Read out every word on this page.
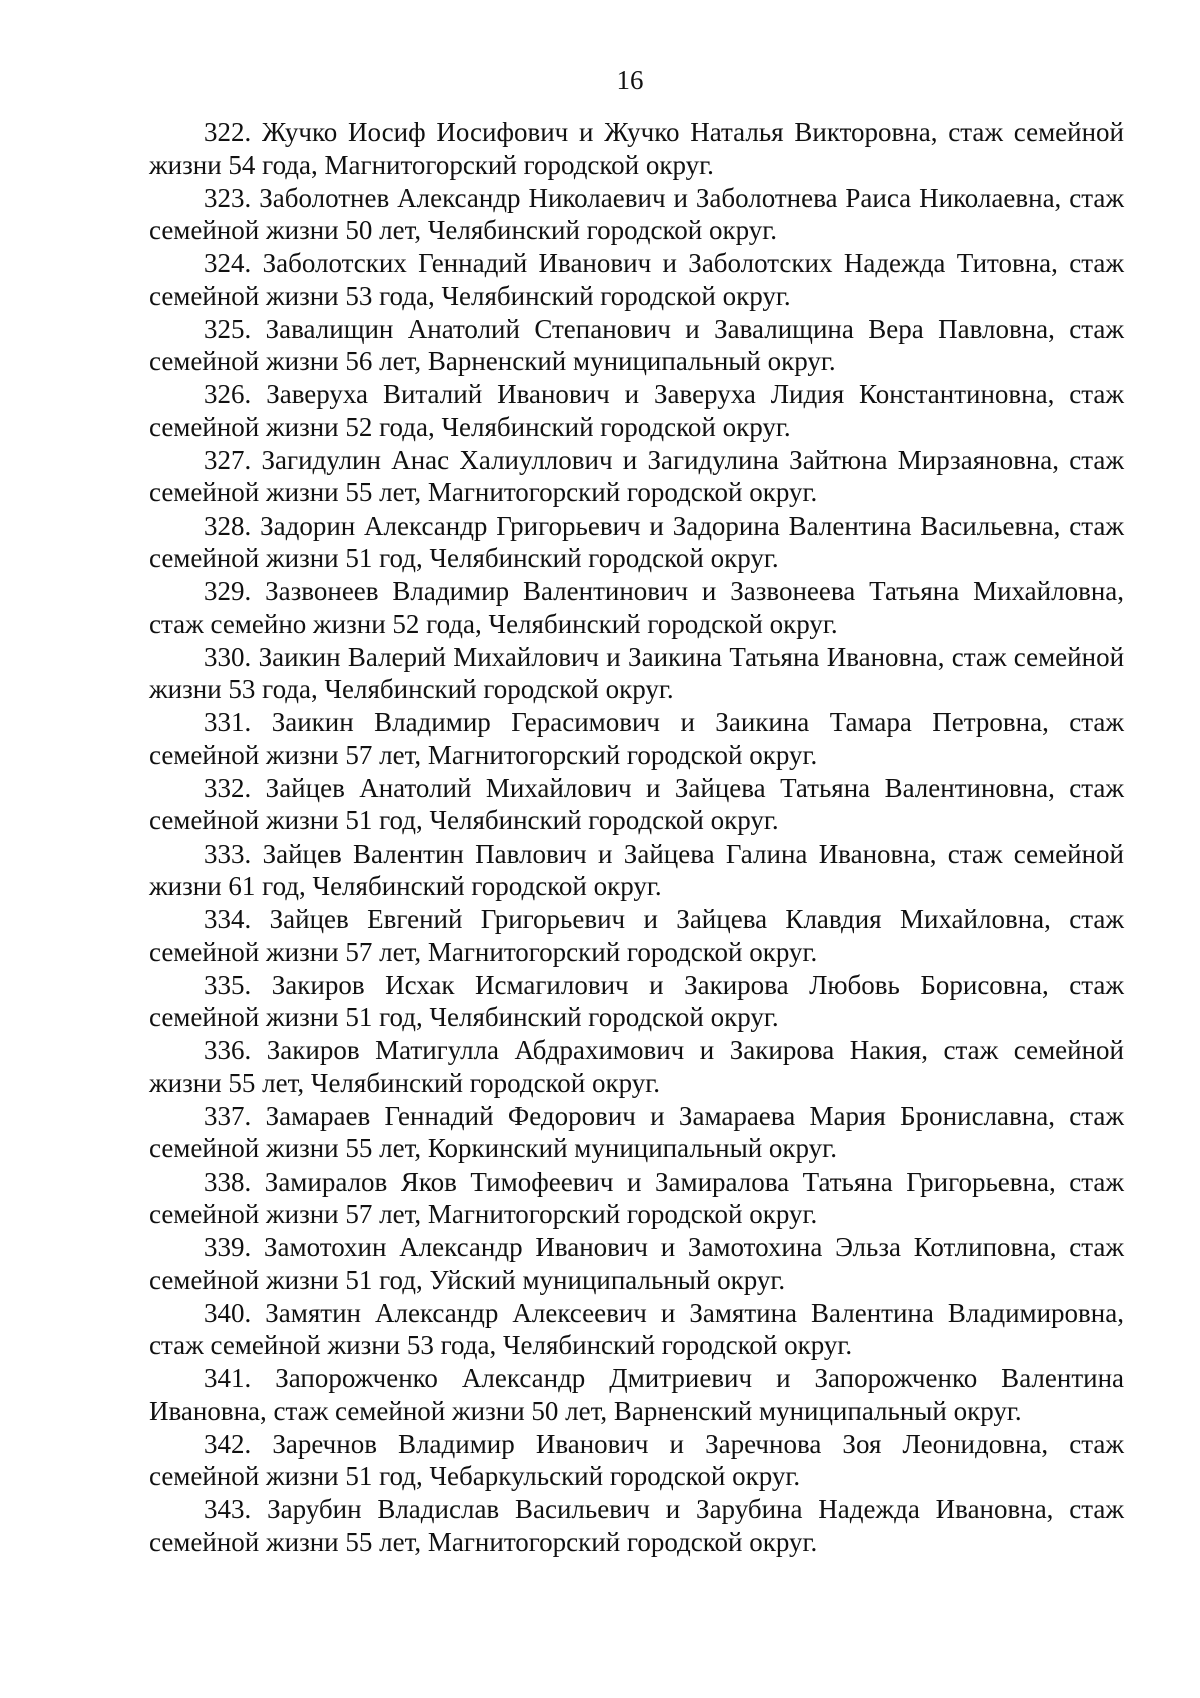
16

322. Жучко Иосиф Иосифович и Жучко Наталья Викторовна, стаж семейной жизни 54 года, Магнитогорский городской округ.

323. Заболотнев Александр Николаевич и Заболотнева Раиса Николаевна, стаж семейной жизни 50 лет, Челябинский городской округ.

324. Заболотских Геннадий Иванович и Заболотских Надежда Титовна, стаж семейной жизни 53 года, Челябинский городской округ.

325. Завалищин Анатолий Степанович и Завалищина Вера Павловна, стаж семейной жизни 56 лет, Варненский муниципальный округ.

326. Заверуха Виталий Иванович и Заверуха Лидия Константиновна, стаж семейной жизни 52 года, Челябинский городской округ.

327. Загидулин Анас Халиуллович и Загидулина Зайтюна Мирзаяновна, стаж семейной жизни 55 лет, Магнитогорский городской округ.

328. Задорин Александр Григорьевич и Задорина Валентина Васильевна, стаж семейной жизни 51 год, Челябинский городской округ.

329. Зазвонеев Владимир Валентинович и Зазвонеева Татьяна Михайловна, стаж семейно жизни 52 года, Челябинский городской округ.

330. Заикин Валерий Михайлович и Заикина Татьяна Ивановна, стаж семейной жизни 53 года, Челябинский городской округ.

331. Заикин Владимир Герасимович и Заикина Тамара Петровна, стаж семейной жизни 57 лет, Магнитогорский городской округ.

332. Зайцев Анатолий Михайлович и Зайцева Татьяна Валентиновна, стаж семейной жизни 51 год, Челябинский городской округ.

333. Зайцев Валентин Павлович и Зайцева Галина Ивановна, стаж семейной жизни 61 год, Челябинский городской округ.

334. Зайцев Евгений Григорьевич и Зайцева Клавдия Михайловна, стаж семейной жизни 57 лет, Магнитогорский городской округ.

335. Закиров Исхак Исмагилович и Закирова Любовь Борисовна, стаж семейной жизни 51 год, Челябинский городской округ.

336. Закиров Матигулла Абдрахимович и Закирова Накия, стаж семейной жизни 55 лет, Челябинский городской округ.

337. Замараев Геннадий Федорович и Замараева Мария Брониславна, стаж семейной жизни 55 лет, Коркинский муниципальный округ.

338. Замиралов Яков Тимофеевич и Замиралова Татьяна Григорьевна, стаж семейной жизни 57 лет, Магнитогорский городской округ.

339. Замотохин Александр Иванович и Замотохина Эльза Котлиповна, стаж семейной жизни 51 год, Уйский муниципальный округ.

340. Замятин Александр Алексеевич и Замятина Валентина Владимировна, стаж семейной жизни 53 года, Челябинский городской округ.

341. Запорожченко Александр Дмитриевич и Запорожченко Валентина Ивановна, стаж семейной жизни 50 лет, Варненский муниципальный округ.

342. Заречнов Владимир Иванович и Заречнова Зоя Леонидовна, стаж семейной жизни 51 год, Чебаркульский городской округ.

343. Зарубин Владислав Васильевич и Зарубина Надежда Ивановна, стаж семейной жизни 55 лет, Магнитогорский городской округ.
